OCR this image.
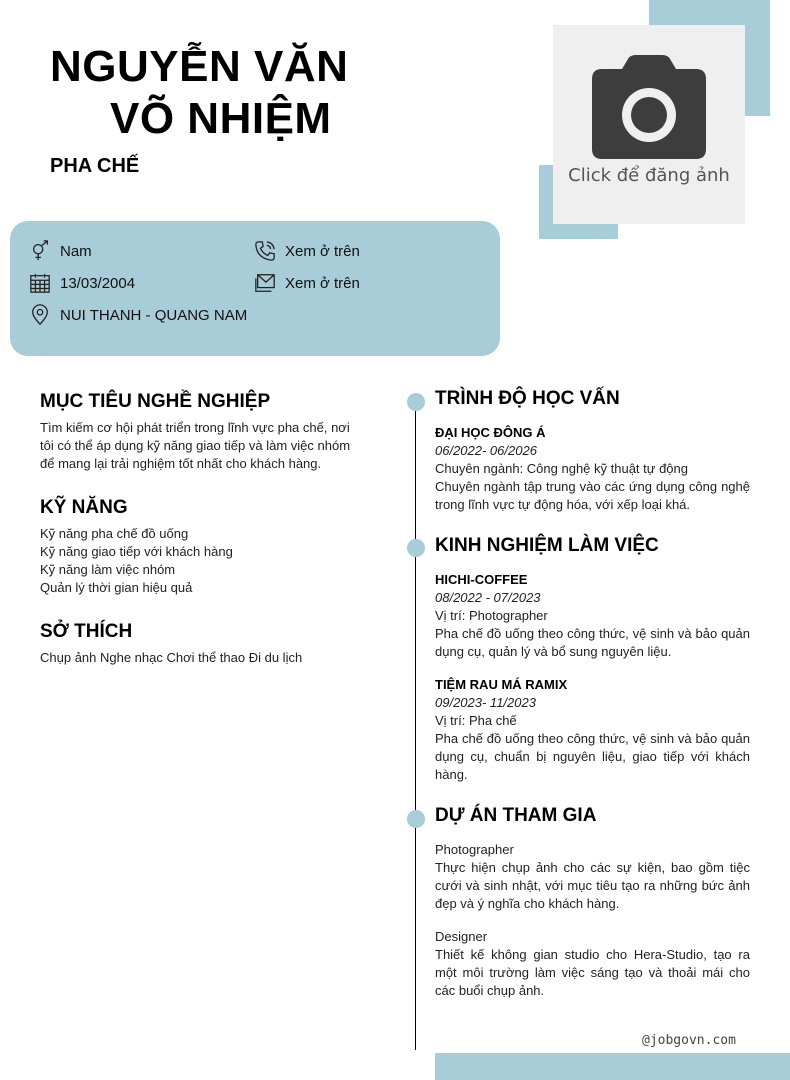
NGUYỄN VĂN
VÕ NHIỆM
PHA CHẾ	Click để đăng ảnh
Nam
13/03/2004
NUI THANH - QUANG NAM
Xem ở trên
Xem ở trên
MỤC TIÊU NGHỀ NGHIỆP
Tìm kiếm cơ hội phát triển trong lĩnh vực pha chế, nơi tôi có thể áp dụng kỹ năng giao tiếp và làm việc nhóm để mang lại trải nghiệm tốt nhất cho khách hàng.
KỸ NĂNG
Kỹ năng pha chế đồ uống
Kỹ năng giao tiếp với khách hàng
Kỹ năng làm việc nhóm
Quản lý thời gian hiệu quả
SỞ THÍCH
Chụp ảnh Nghe nhạc Chơi thể thao Đi du lịch
TRÌNH ĐỘ HỌC VẤN
ĐẠI HỌC ĐÔNG Á
06/2022- 06/2026
Chuyên ngành: Công nghệ kỹ thuật tự động
Chuyên ngành tập trung vào các ứng dụng công nghệ trong lĩnh vực tự động hóa, với xếp loại khá.
KINH NGHIỆM LÀM VIỆC
HICHI-COFFEE
08/2022 - 07/2023
Vị trí: Photographer
Pha chế đồ uống theo công thức, vệ sinh và bảo quản dụng cụ, quản lý và bổ sung nguyên liệu.
TIỆM RAU MÁ RAMIX
09/2023- 11/2023
Vị trí: Pha chế
Pha chế đồ uống theo công thức, vệ sinh và bảo quản dụng cụ, chuẩn bị nguyên liệu, giao tiếp với khách hàng.
DỰ ÁN THAM GIA
Photographer
Thực hiện chụp ảnh cho các sự kiện, bao gồm tiệc cưới và sinh nhật, với mục tiêu tạo ra những bức ảnh đẹp và ý nghĩa cho khách hàng.
Designer
Thiết kế không gian studio cho Hera-Studio, tạo ra một môi trường làm việc sáng tạo và thoải mái cho các buổi chụp ảnh.
@jobgovn.com
